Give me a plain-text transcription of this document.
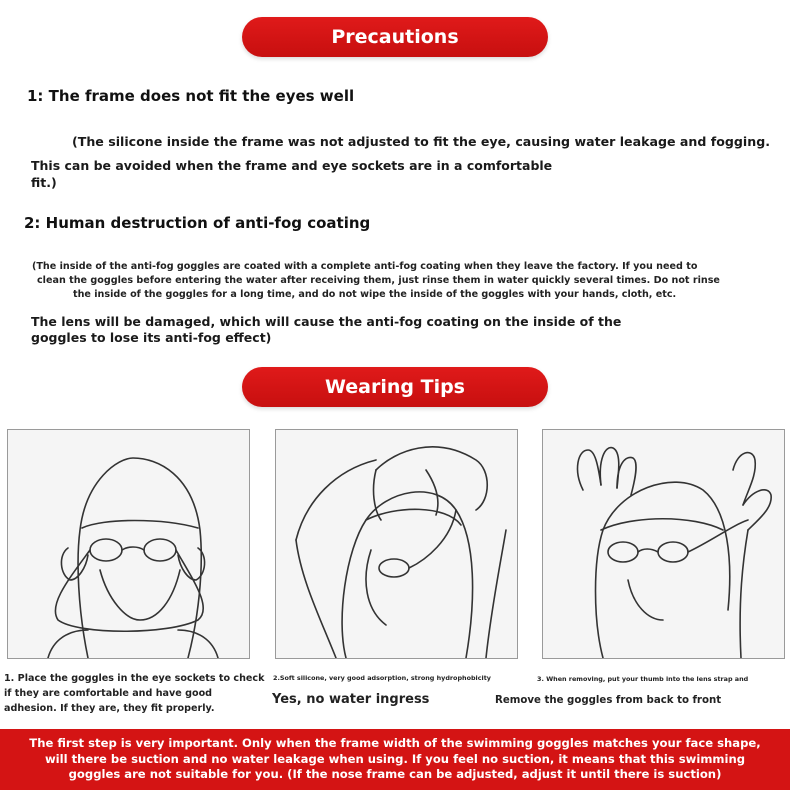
Precautions
1: The frame does not fit the eyes well
(The silicone inside the frame was not adjusted to fit the eye, causing water leakage and fogging.
This can be avoided when the frame and eye sockets are in a comfortable
fit.)
2: Human destruction of anti-fog coating
(The inside of the anti-fog goggles are coated with a complete anti-fog coating when they leave the factory. If you need to
clean the goggles before entering the water after receiving them, just rinse them in water quickly several times. Do not rinse
the inside of the goggles for a long time, and do not wipe the inside of the goggles with your hands, cloth, etc.
The lens will be damaged, which will cause the anti-fog coating on the inside of the
goggles to lose its anti-fog effect)
Wearing Tips
1. Place the goggles in the eye sockets to check
if they are comfortable and have good
adhesion. If they are, they fit properly.
2.Soft silicone, very good adsorption, strong hydrophobicity
Yes, no water ingress
3. When removing, put your thumb into the lens strap and
Remove the goggles from back to front
The first step is very important. Only when the frame width of the swimming goggles matches your face shape,
will there be suction and no water leakage when using. If you feel no suction, it means that this swimming
goggles are not suitable for you. (If the nose frame can be adjusted, adjust it until there is suction)
